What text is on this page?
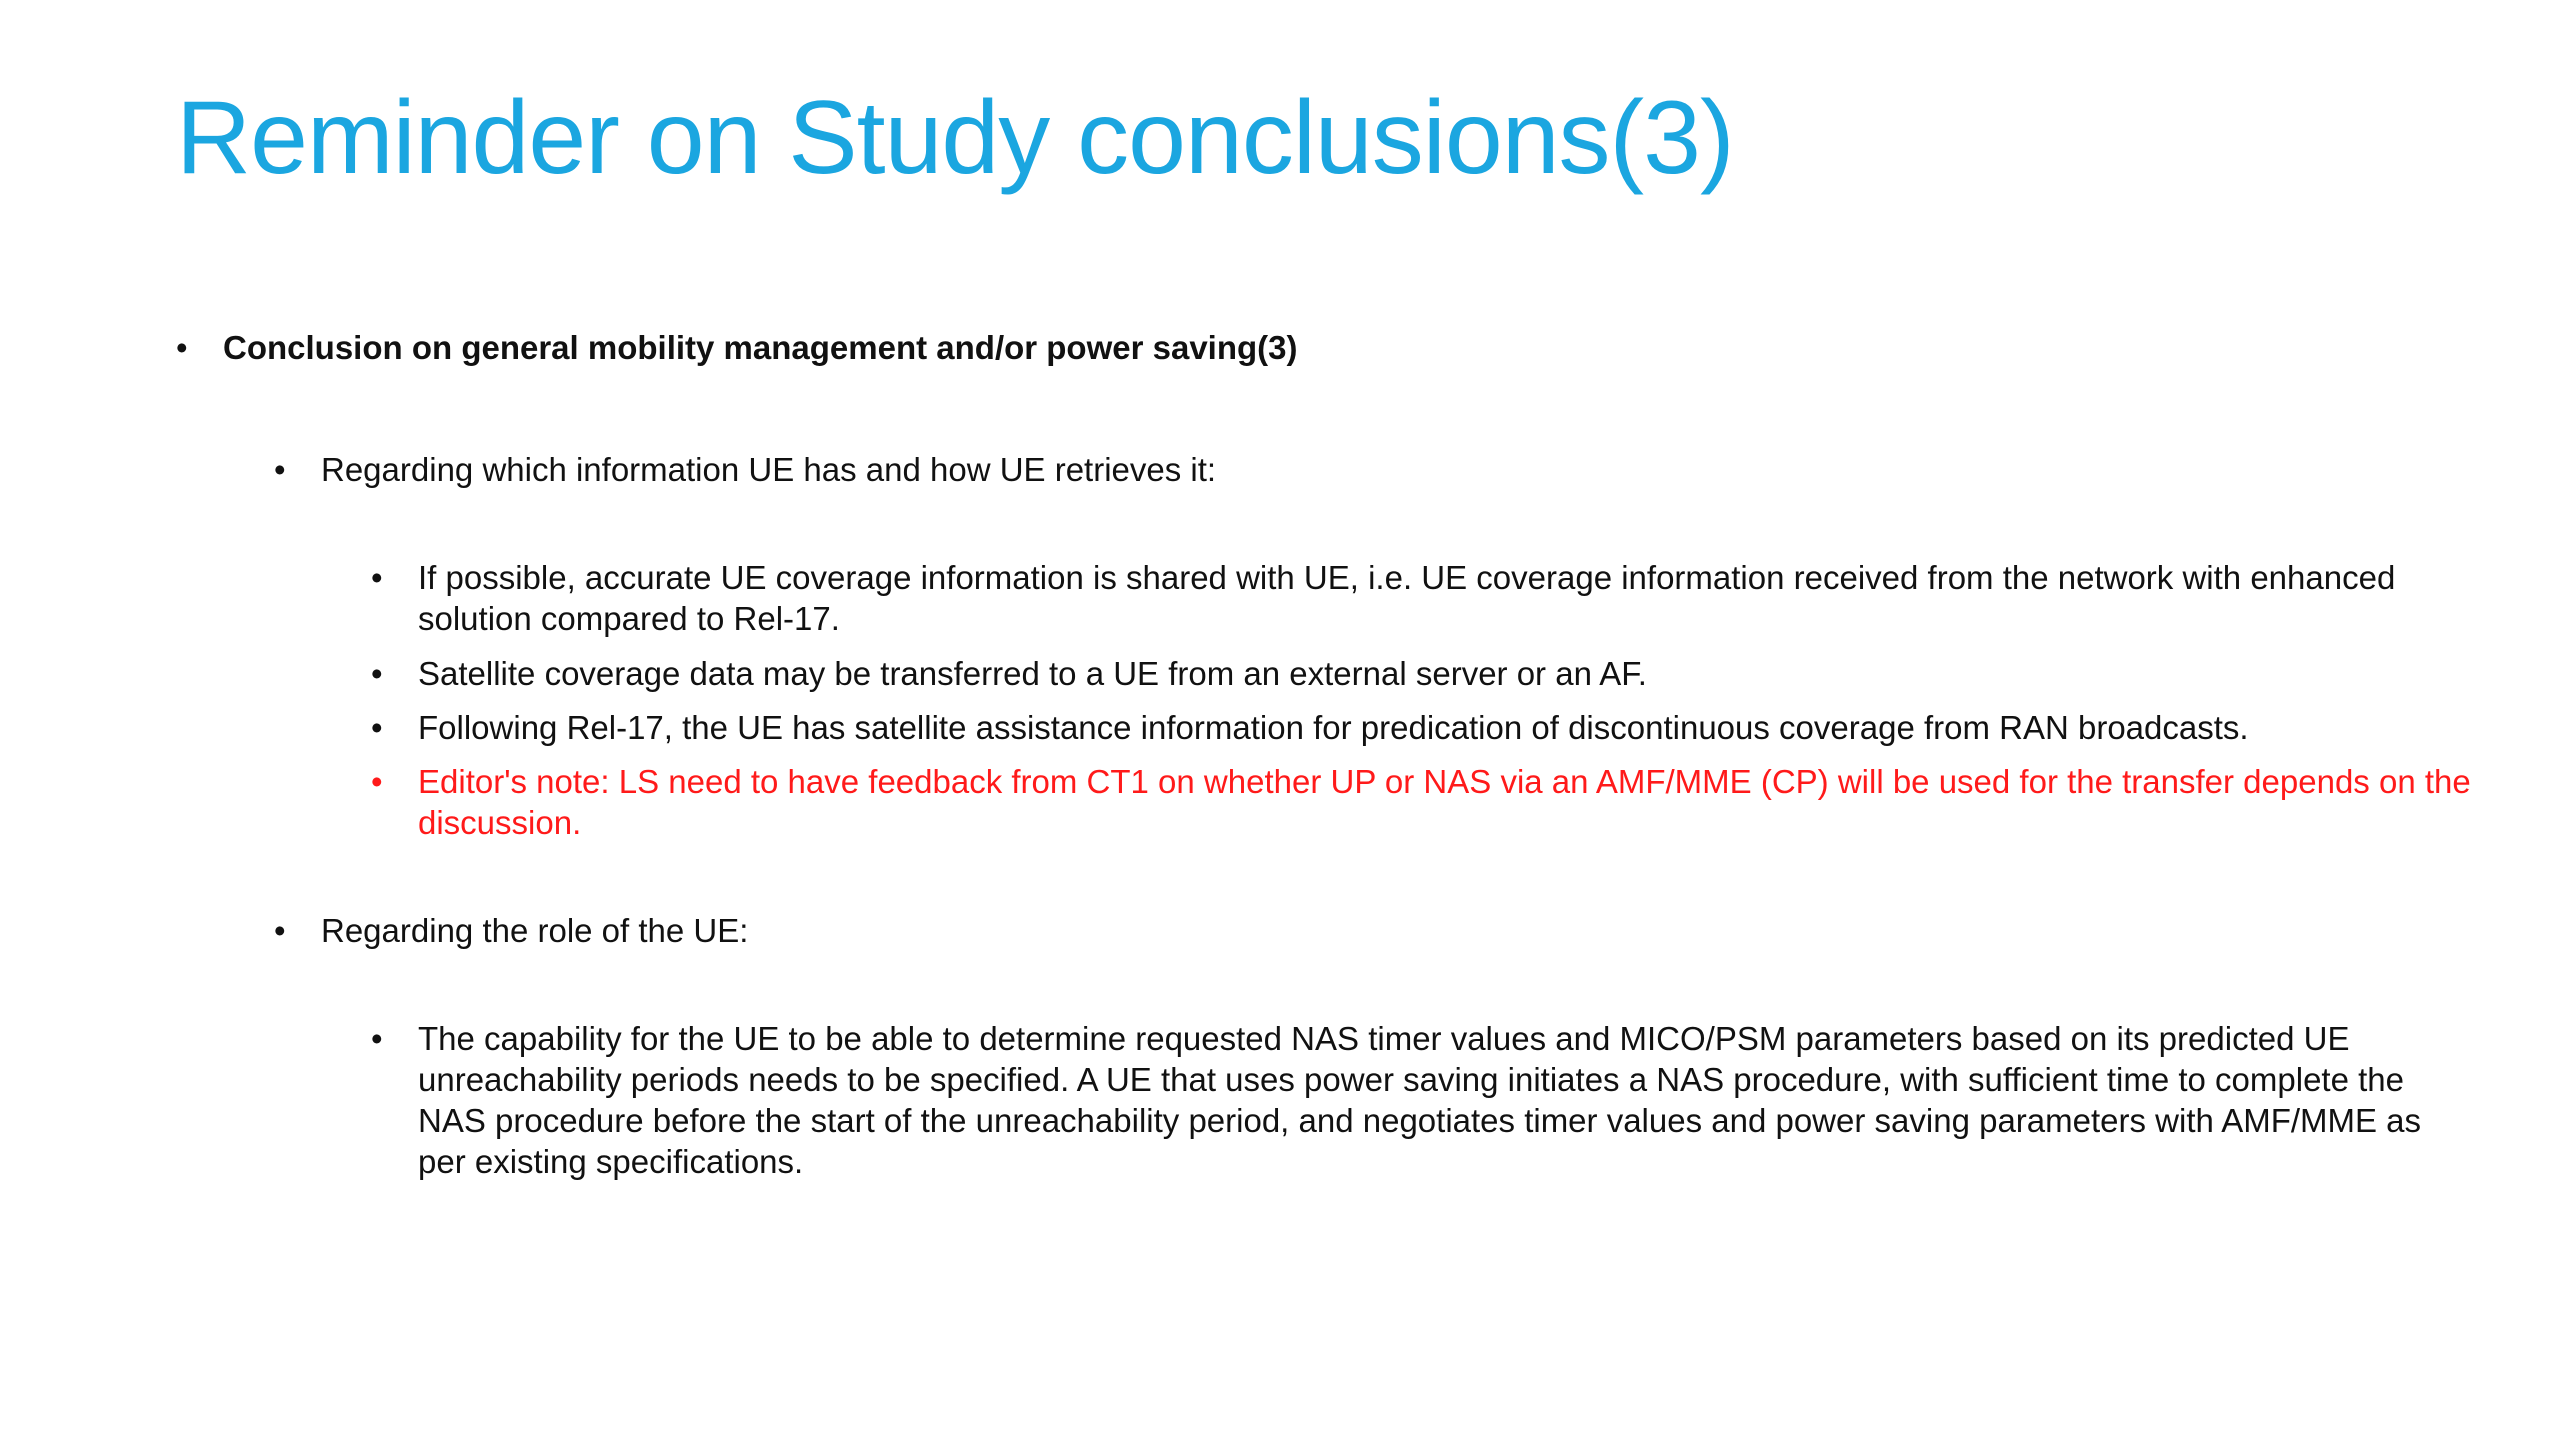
Reminder on Study conclusions(3)
•	Conclusion on general mobility management and/or power saving(3)
•	Regarding which information UE has and how UE retrieves it:
•	If possible, accurate UE coverage information is shared with UE, i.e. UE coverage information received from the network with enhanced solution compared to Rel-17.
•	Satellite coverage data may be transferred to a UE from an external server or an AF.
•	Following Rel-17, the UE has satellite assistance information for predication of discontinuous coverage from RAN broadcasts.
•	Editor's note: LS need to have feedback from CT1 on whether UP or NAS via an AMF/MME (CP) will be used for the transfer depends on the discussion.
•	Regarding the role of the UE:
•	The capability for the UE to be able to determine requested NAS timer values and MICO/PSM parameters based on its predicted UE unreachability periods needs to be specified. A UE that uses power saving initiates a NAS procedure, with sufficient time to complete the NAS procedure before the start of the unreachability period, and negotiates timer values and power saving parameters with AMF/MME as per existing specifications.
